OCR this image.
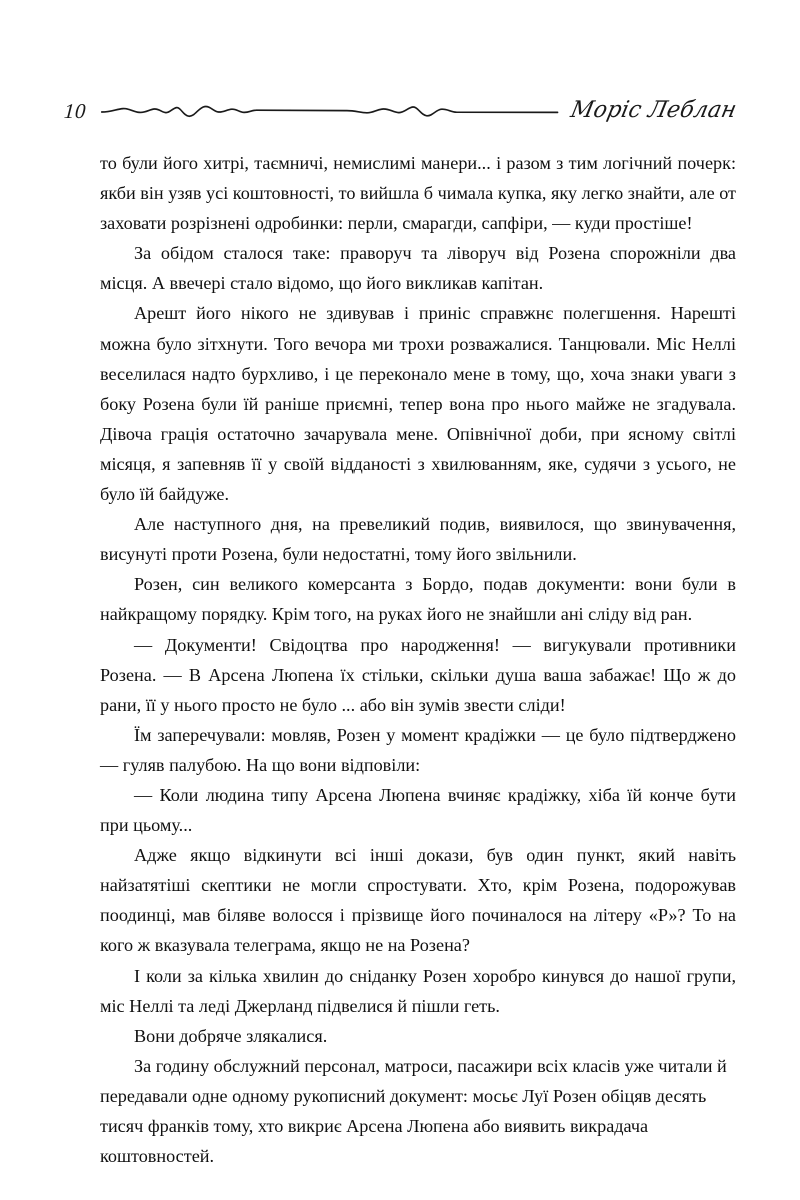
10	Морiс Леблан

то були його хитрі, таємничі, немислимі манери... і разом з тим логічний почерк: якби він узяв усі коштовності, то вийшла б чимала купка, яку легко знайти, але от заховати розрізнені одробинки: перли, смарагди, сапфіри, — куди простіше!

За обідом сталося таке: праворуч та ліворуч від Розена спорожніли два місця. А ввечері стало відомо, що його викликав капітан.

Арешт його нікого не здивував і приніс справжнє полегшення. Нарешті можна було зітхнути. Того вечора ми трохи розважалися. Танцювали. Міс Неллі веселилася надто бурхливо, і це переконало мене в тому, що, хоча знаки уваги з боку Розена були їй раніше приємні, тепер вона про нього майже не згадувала. Дівоча грація остаточно зачарувала мене. Опівнічної доби, при ясному світлі місяця, я запевняв її у своїй відданості з хвилюванням, яке, судячи з усього, не було їй байдуже.

Але наступного дня, на превеликий подив, виявилося, що звинувачення, висунуті проти Розена, були недостатні, тому його звільнили.

Розен, син великого комерсанта з Бордо, подав документи: вони були в найкращому порядку. Крім того, на руках його не знайшли ані сліду від ран.

— Документи! Свідоцтва про народження! — вигукували противники Розена. — В Арсена Люпена їх стільки, скільки душа ваша забажає! Що ж до рани, її у нього просто не було ... або він зумів звести сліди!

Їм заперечували: мовляв, Розен у момент крадіжки — це було підтверджено — гуляв палубою. На що вони відповіли:

— Коли людина типу Арсена Люпена вчиняє крадіжку, хіба їй конче бути при цьому...

Адже якщо відкинути всі інші докази, був один пункт, який навіть найзатятіші скептики не могли спростувати. Хто, крім Розена, подорожував поодинці, мав біляве волосся і прізвище його починалося на літеру «Р»? То на кого ж вказувала телеграма, якщо не на Розена?

І коли за кілька хвилин до сніданку Розен хоробро кинувся до нашої групи, міс Неллі та леді Джерланд підвелися й пішли геть.

Вони добряче злякалися.

За годину обслужний персонал, матроси, пасажири всіх класів уже читали й передавали одне одному рукописний документ: мосьє Луї Розен обіцяв десять тисяч франків тому, хто викриє Арсена Люпена або виявить викрадача коштовностей.
